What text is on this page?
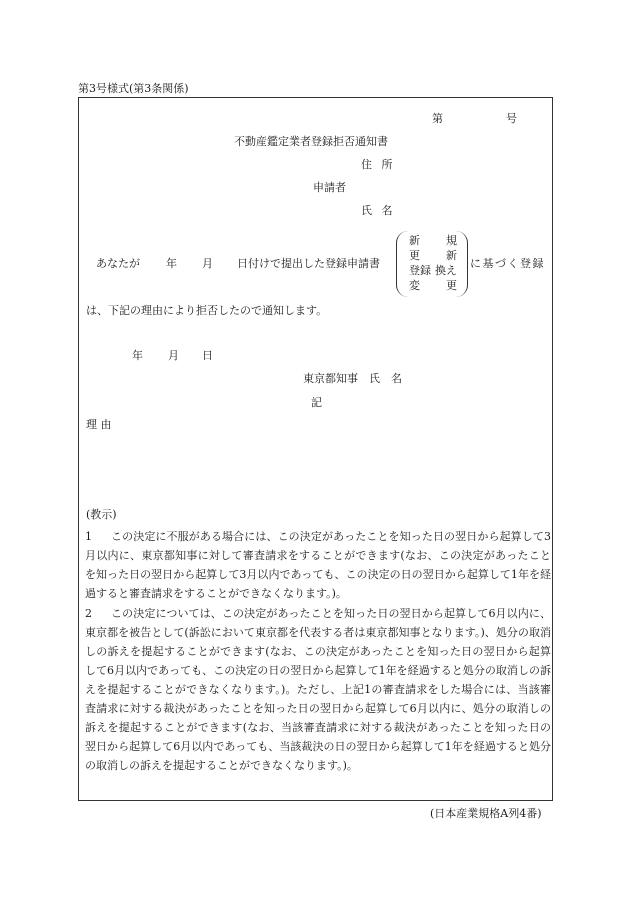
第3号様式(第3条関係)
第	号
不動産鑑定業者登録拒否通知書
住 所
申請者
氏 名
あなたが 年 月 日付けで提出した登録申請書
新 規
更 新
登録 換え
変 更
に基づく登録
は、下記の理由により拒否したので通知します。
年 月 日
東京都知事　氏　名
記
理 由
(教示)
1	この決定に不服がある場合には、この決定があったことを知った日の翌日から起算して3月以内に、東京都知事に対して審査請求をすることができます(なお、この決定があったことを知った日の翌日から起算して3月以内であっても、この決定の日の翌日から起算して1年を経過すると審査請求をすることができなくなります。)。
2	この決定については、この決定があったことを知った日の翌日から起算して6月以内に、東京都を被告として(訴訟において東京都を代表する者は東京都知事となります。)、処分の取消しの訴えを提起することができます(なお、この決定があったことを知った日の翌日から起算して6月以内であっても、この決定の日の翌日から起算して1年を経過すると処分の取消しの訴えを提起することができなくなります。)。ただし、上記1の審査請求をした場合には、当該審査請求に対する裁決があったことを知った日の翌日から起算して6月以内に、処分の取消しの訴えを提起することができます(なお、当該審査請求に対する裁決があったことを知った日の翌日から起算して6月以内であっても、当該裁決の日の翌日から起算して1年を経過すると処分の取消しの訴えを提起することができなくなります。)。
(日本産業規格A列4番)
